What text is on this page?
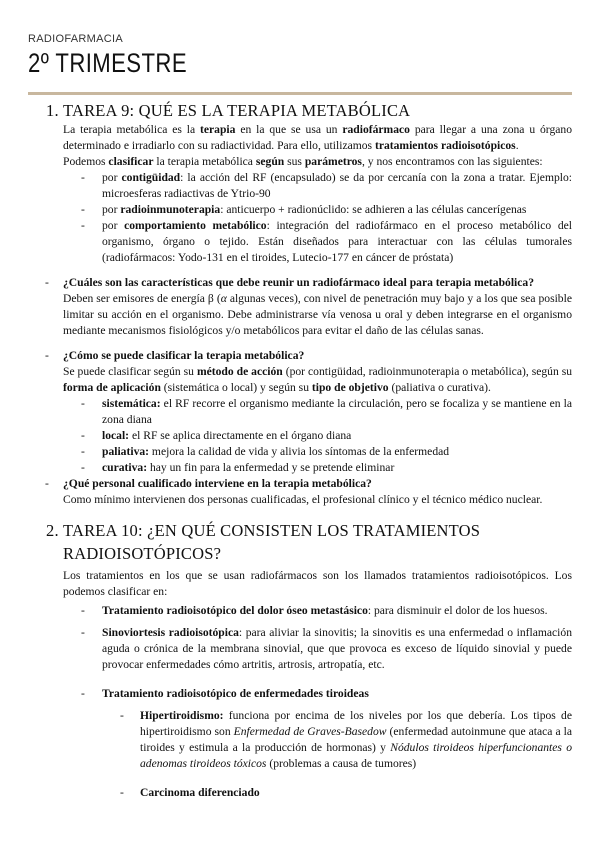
RADIOFARMACIA
2º TRIMESTRE
1. TAREA 9: QUÉ ES LA TERAPIA METABÓLICA

La terapia metabólica es la terapia en la que se usa un radiofármaco para llegar a una zona u órgano determinado e irradiarlo con su radiactividad. Para ello, utilizamos tratamientos radioisotópicos.

Podemos clasificar la terapia metabólica según sus parámetros, y nos encontramos con las siguientes:

- por contigüidad: la acción del RF (encapsulado) se da por cercanía con la zona a tratar. Ejemplo: microesferas radiactivas de Ytrio-90
- por radioinmunoterapia: anticuerpo + radionúclido: se adhieren a las células cancerígenas
- por comportamiento metabólico: integración del radiofármaco en el proceso metabólico del organismo, órgano o tejido. Están diseñados para interactuar con las células tumorales (radiofármacos: Yodo-131 en el tiroides, Lutecio-177 en cáncer de próstata)
- ¿Cuáles son las características que debe reunir un radiofármaco ideal para terapia metabólica?

Deben ser emisores de energía β (α algunas veces), con nivel de penetración muy bajo y a los que sea posible limitar su acción en el organismo. Debe administrarse vía venosa u oral y deben integrarse en el organismo mediante mecanismos fisiológicos y/o metabólicos para evitar el daño de las células sanas.

- ¿Cómo se puede clasificar la terapia metabólica?

Se puede clasificar según su método de acción (por contigüidad, radioinmunoterapia o metabólica), según su forma de aplicación (sistemática o local) y según su tipo de objetivo (paliativa o curativa).

- sistemática: el RF recorre el organismo mediante la circulación, pero se focaliza y se mantiene en la zona diana
- local: el RF se aplica directamente en el órgano diana
- paliativa: mejora la calidad de vida y alivia los síntomas de la enfermedad
- curativa: hay un fin para la enfermedad y se pretende eliminar
- ¿Qué personal cualificado interviene en la terapia metabólica?

Como mínimo intervienen dos personas cualificadas, el profesional clínico y el técnico médico nuclear.

2. TAREA 10: ¿EN QUÉ CONSISTEN LOS TRATAMIENTOS RADIOISOTÓPICOS?

Los tratamientos en los que se usan radiofármacos son los llamados tratamientos radioisotópicos. Los podemos clasificar en:

- Tratamiento radioisotópico del dolor óseo metastásico: para disminuir el dolor de los huesos.
- Sinoviortesis radioisotópica: para aliviar la sinovitis; la sinovitis es una enfermedad o inflamación aguda o crónica de la membrana sinovial, que que provoca es exceso de líquido sinovial y puede provocar enfermedades cómo artritis, artrosis, artropatía, etc.
- Tratamiento radioisotópico de enfermedades tiroideas
- Hipertiroidismo: funciona por encima de los niveles por los que debería. Los tipos de hipertiroidismo son Enfermedad de Graves-Basedow (enfermedad autoinmune que ataca a la tiroides y estimula a la producción de hormonas) y Nódulos tiroideos hiperfuncionantes o adenomas tiroideos tóxicos (problemas a causa de tumores)
- Carcinoma diferenciado
